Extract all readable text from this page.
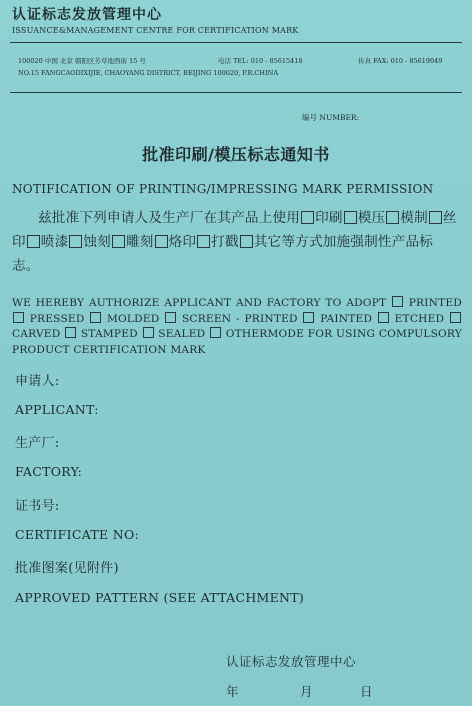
认证标志发放管理中心
ISSUANCE&MANAGEMENT CENTRE FOR CERTIFICATION MARK
100020 中国 北京 朝阳区芳草地西街 15 号	电话 TEL: 010 - 85615418	传真 FAX: 010 - 85619049
NO.15 FANGCAODIXIJIE, CHAOYANG DISTRICT, BEIJING 100020, P.R.CHINA
编号 NUMBER:
批准印刷/模压标志通知书
NOTIFICATION OF PRINTING/IMPRESSING MARK PERMISSION
兹批准下列申请人及生产厂在其产品上使用 印刷 模压 模制 丝印 喷漆 蚀刻 雕刻 烙印 打戳 其它等方式加施强制性产品标志。
WE HEREBY AUTHORIZE APPLICANT AND FACTORY TO ADOPT PRINTED  PRESSED MOLDED SCREEN - PRINTED PAINTED ETCHED  CARVED STAMPED SEALED OTHERMODE FOR USING COMPULSORY PRODUCT CERTIFICATION MARK
申请人:
APPLICANT:
生产厂:
FACTORY:
证书号:
CERTIFICATE NO:
批准图案(见附件)
APPROVED PATTERN (SEE ATTACHMENT)
认证标志发放管理中心
年	月	日
